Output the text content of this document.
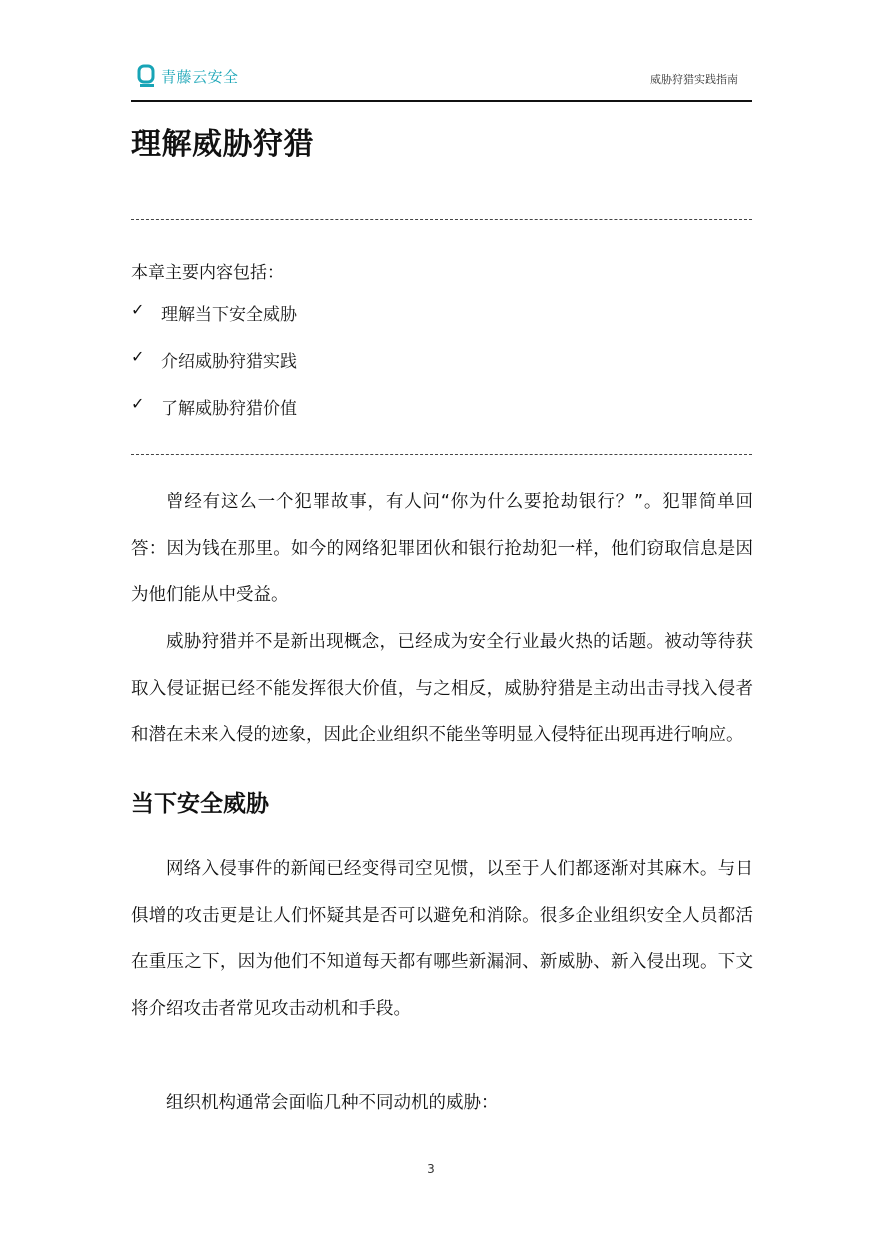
青藤云安全	威胁狩猎实践指南
理解威胁狩猎
本章主要内容包括：
✓ 理解当下安全威胁
✓ 介绍威胁狩猎实践
✓ 了解威胁狩猎价值

曾经有这么一个犯罪故事，有人问“你为什么要抢劫银行？”。犯罪简单回答：因为钱在那里。如今的网络犯罪团伙和银行抢劫犯一样，他们窃取信息是因为他们能从中受益。

威胁狩猎并不是新出现概念，已经成为安全行业最火热的话题。被动等待获取入侵证据已经不能发挥很大价值，与之相反，威胁狩猎是主动出击寻找入侵者和潜在未来入侵的迹象，因此企业组织不能坐等明显入侵特征出现再进行响应。

当下安全威胁

网络入侵事件的新闻已经变得司空见惯，以至于人们都逐渐对其麻木。与日俱增的攻击更是让人们怀疑其是否可以避免和消除。很多企业组织安全人员都活在重压之下，因为他们不知道每天都有哪些新漏洞、新威胁、新入侵出现。下文将介绍攻击者常见攻击动机和手段。

组织机构通常会面临几种不同动机的威胁：

3
